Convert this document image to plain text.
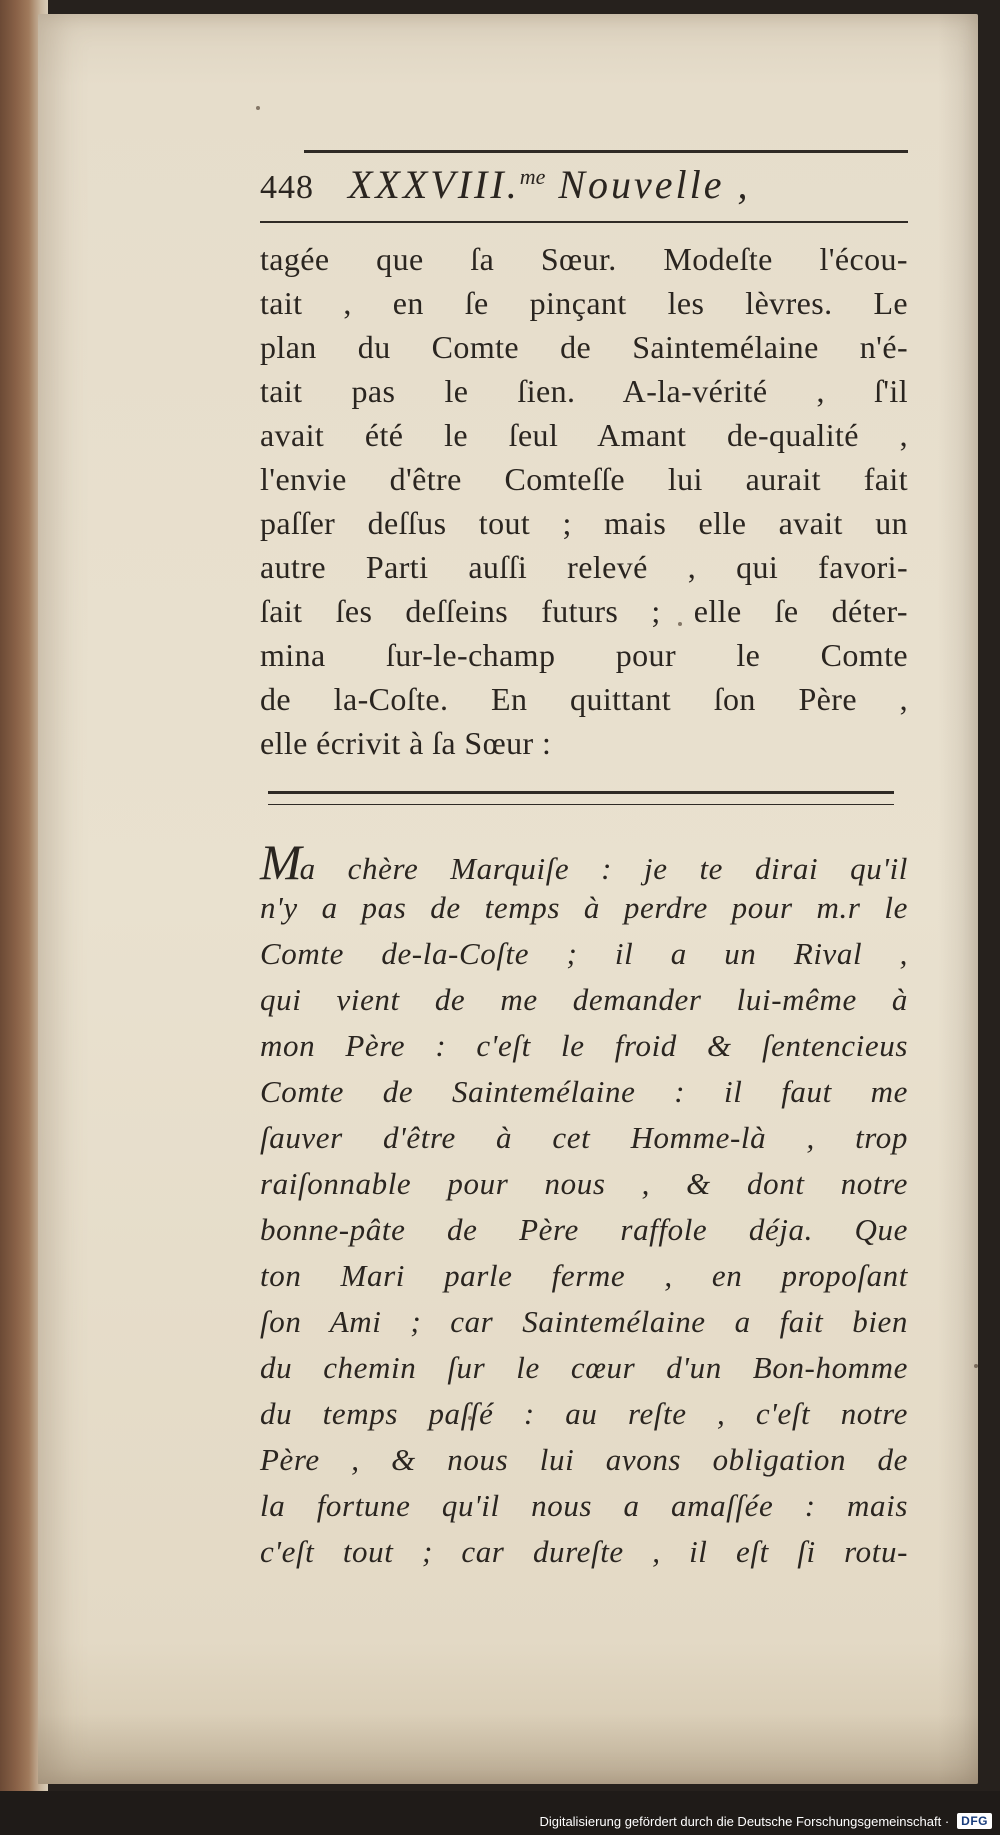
448 XXXVIII.$^{me}$ Nouvelle ,
tagée que ſa Sœur. Modeſte l'écou-
tait , en ſe pinçant les lèvres. Le
plan du Comte de Saintemélaine n'é-
tait pas le ſien. A-la-vérité , ſ'il
avait été le ſeul Amant de-qualité ,
l'envie d'être Comteſſe lui aurait fait
paſſer deſſus tout ; mais elle avait un
autre Parti auſſi relevé , qui favori-
ſait ſes deſſeins futurs ; elle ſe déter-
mina ſur-le-champ pour le Comte
de la-Coſte. En quittant ſon Père ,
elle écrivit à ſa Sœur :
Ma chère Marquiſe : je te dirai qu'il
n'y a pas de temps à perdre pour m.r le
Comte de-la-Coſte ; il a un Rival ,
qui vient de me demander lui-même à
mon Père : c'eſt le froid & ſentencieus
Comte de Saintemélaine : il faut me
ſauver d'être à cet Homme-là , trop
raiſonnable pour nous , & dont notre
bonne-pâte de Père raffole déja. Que
ton Mari parle ferme , en propoſant
ſon Ami ; car Saintemélaine a fait bien
du chemin ſur le cœur d'un Bon-homme
du temps paſſé : au reſte , c'eſt notre
Père , & nous lui avons obligation de
la fortune qu'il nous a amaſſée : mais
c'eſt tout ; car dureſte , il eſt ſi rotu-
Digitalisierung gefördert durch die Deutsche Forschungsgemeinschaft ·	DFG
